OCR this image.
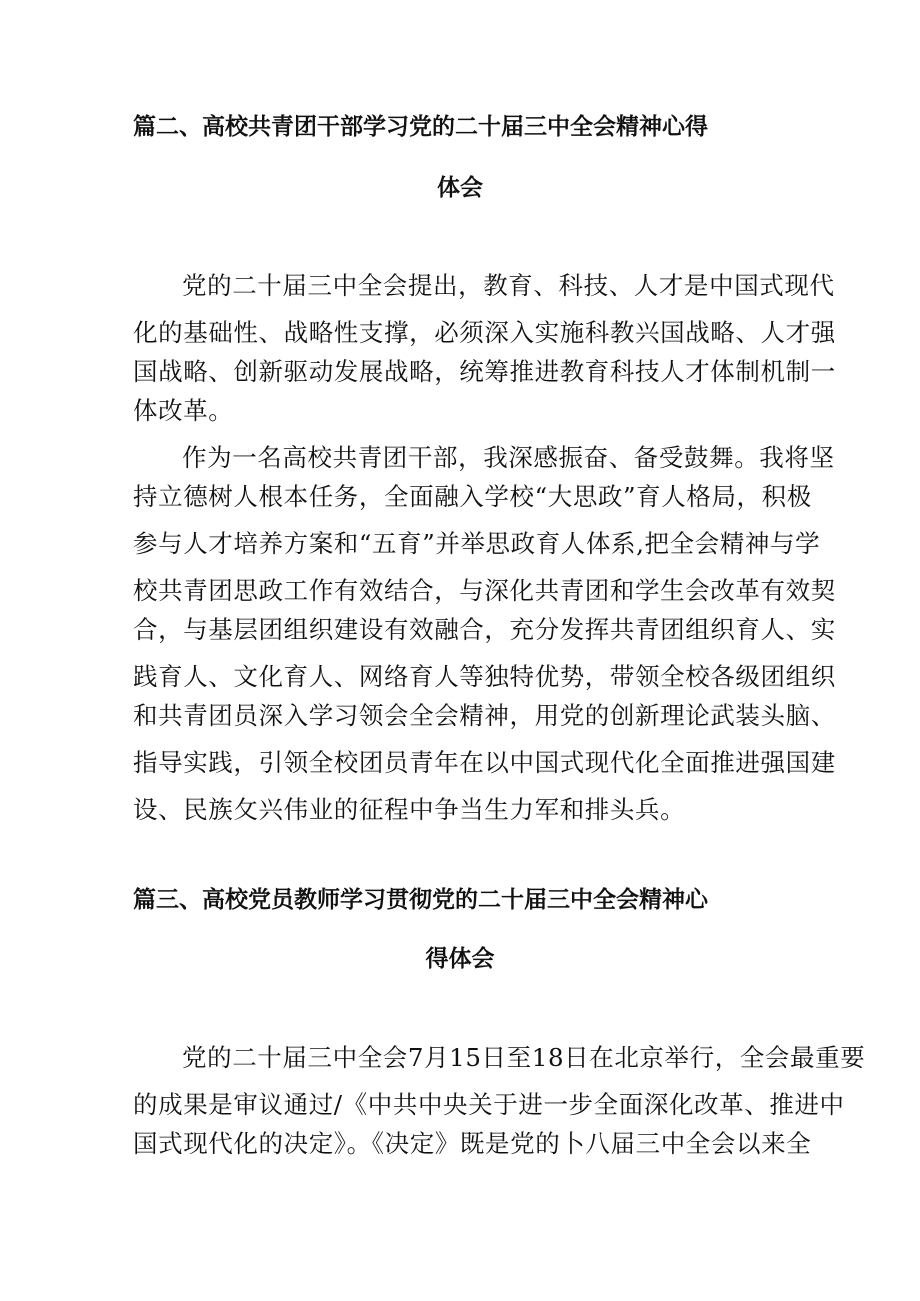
篇二、高校共青团干部学习党的二十届三中全会精神心得
体会
党的二十届三中全会提出，教育、科技、人才是中国式现代
化的基础性、战略性支撑，必须深入实施科教兴国战略、人才强
国战略、创新驱动发展战略，统筹推进教育科技人才体制机制一
体改革。
作为一名高校共青团干部，我深感振奋、备受鼓舞。我将坚
持立德树人根本任务，全面融入学校“大思政”育人格局，积极
参与人才培养方案和“五育”并举思政育人体系,把全会精神与学
校共青团思政工作有效结合，与深化共青团和学生会改革有效契
合，与基层团组织建设有效融合，充分发挥共青团组织育人、实
践育人、文化育人、网络育人等独特优势，带领全校各级团组织
和共青团员深入学习领会全会精神，用党的创新理论武装头脑、
指导实践，引领全校团员青年在以中国式现代化全面推进强国建
设、民族攵兴伟业的征程中争当生力军和排头兵。
篇三、高校党员教师学习贯彻党的二十届三中全会精神心
得体会
党的二十届三中全会7月15日至18日在北京举行，全会最重要
的成果是审议通过/《中共中央关于进一步全面深化改革、推进中
国式现代化的决定》。《决定》既是党的卜八届三中全会以来全
